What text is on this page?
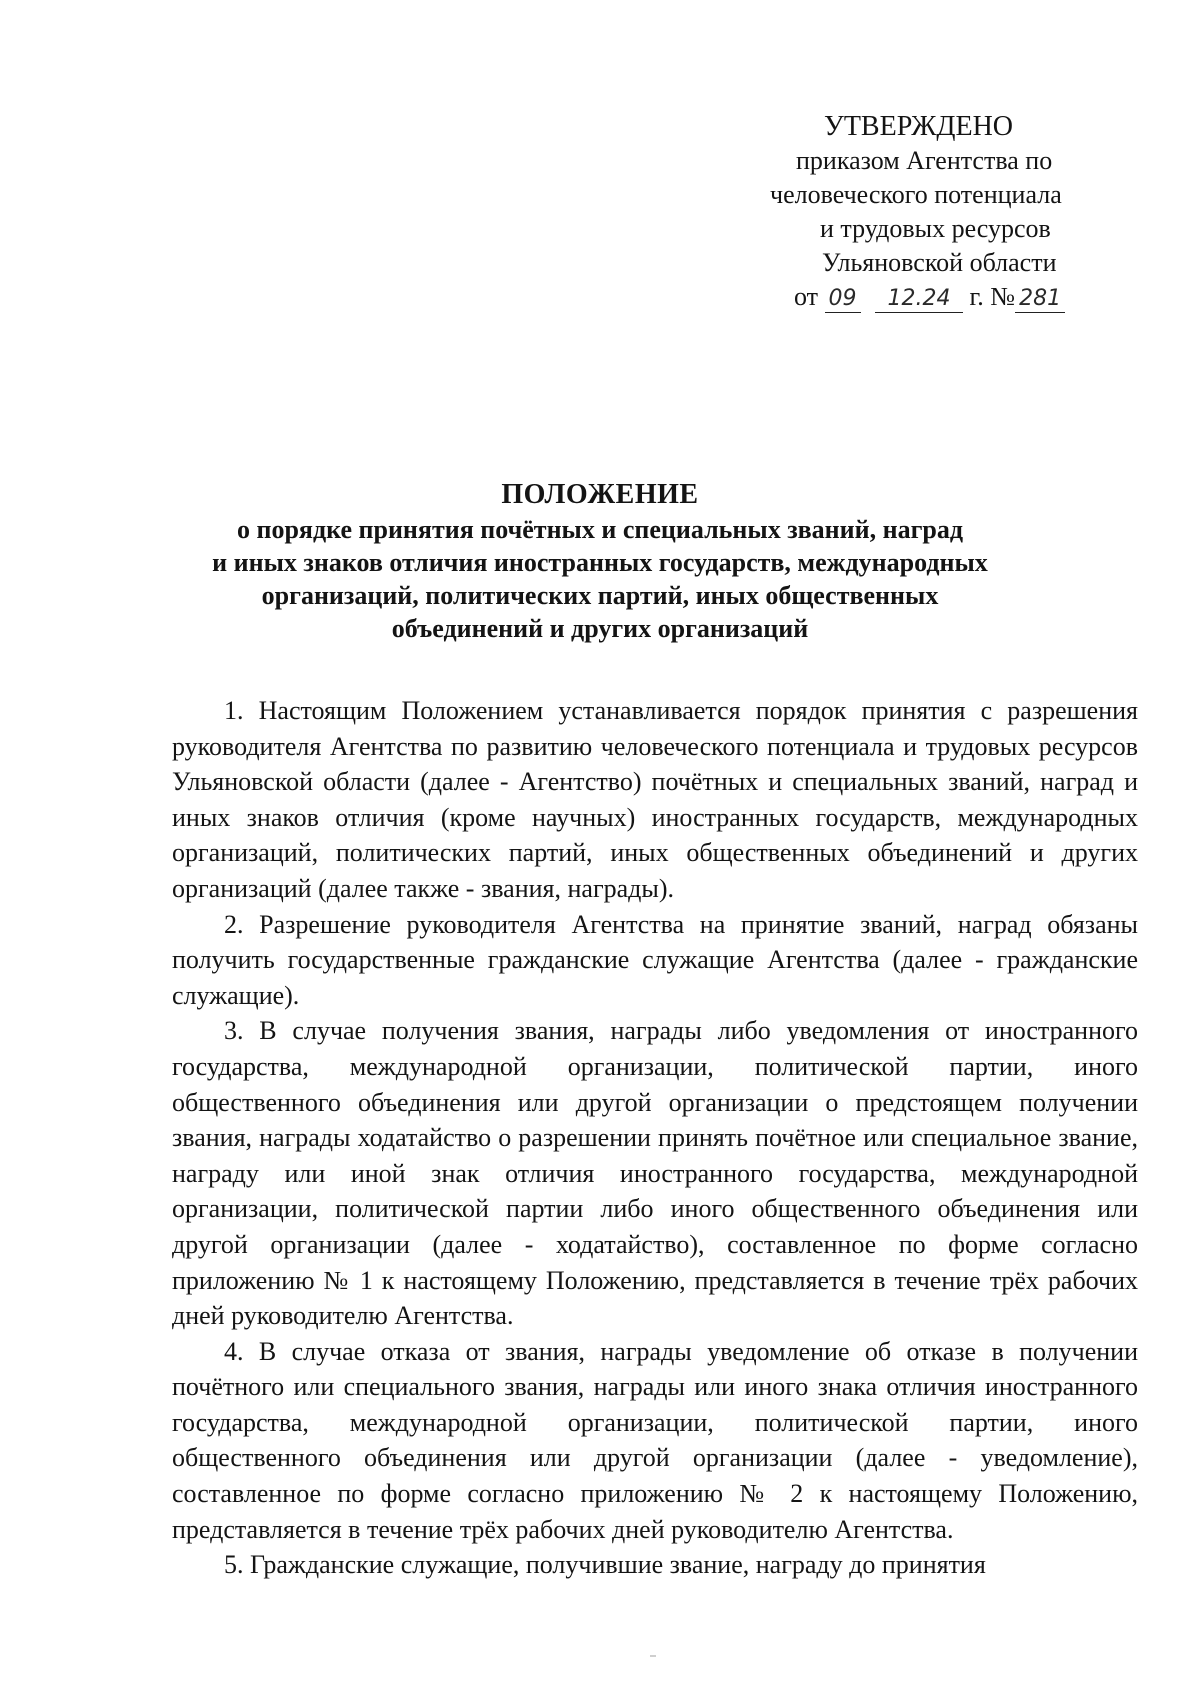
УТВЕРЖДЕНО
приказом Агентства по
человеческого потенциала
и трудовых ресурсов
Ульяновской области
от 09 12.24 г. № 281
ПОЛОЖЕНИЕ
о порядке принятия почётных и специальных званий, наград
и иных знаков отличия иностранных государств, международных
организаций, политических партий, иных общественных
объединений и других организаций

1. Настоящим Положением устанавливается порядок принятия с разрешения руководителя Агентства по развитию человеческого потенциала и трудовых ресурсов Ульяновской области (далее - Агентство) почётных и специальных званий, наград и иных знаков отличия (кроме научных) иностранных государств, международных организаций, политических партий, иных общественных объединений и других организаций (далее также - звания, награды).

2. Разрешение руководителя Агентства на принятие званий, наград обязаны получить государственные гражданские служащие Агентства (далее - гражданские служащие).

3. В случае получения звания, награды либо уведомления от иностранного государства, международной организации, политической партии, иного общественного объединения или другой организации о предстоящем получении звания, награды ходатайство о разрешении принять почётное или специальное звание, награду или иной знак отличия иностранного государства, международной организации, политической партии либо иного общественного объединения или другой организации (далее - ходатайство), составленное по форме согласно приложению № 1 к настоящему Положению, представляется в течение трёх рабочих дней руководителю Агентства.

4. В случае отказа от звания, награды уведомление об отказе в получении почётного или специального звания, награды или иного знака отличия иностранного государства, международной организации, политической партии, иного общественного объединения или другой организации (далее - уведомление), составленное по форме согласно приложению № 2 к настоящему Положению, представляется в течение трёх рабочих дней руководителю Агентства.

5. Гражданские служащие, получившие звание, награду до принятия
